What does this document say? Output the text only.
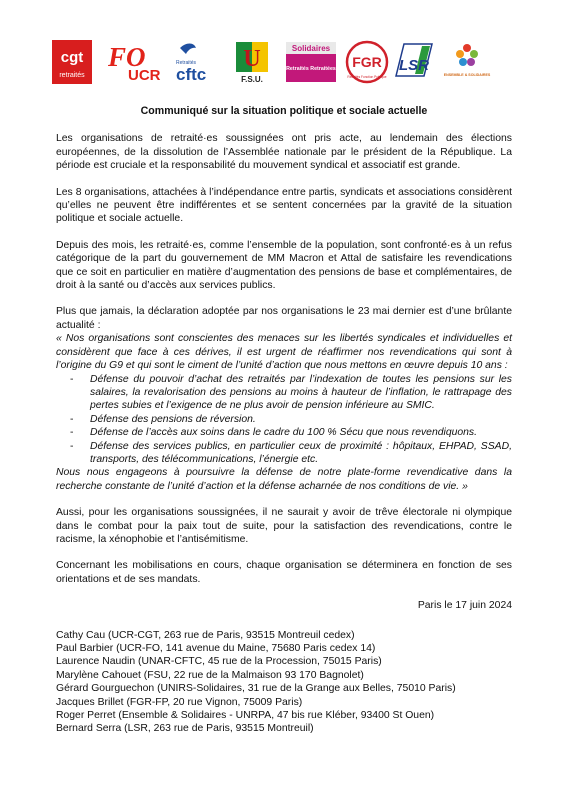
cgt
retraités
FO
UCR
Retraités
cftc
U
F.S.U.
Solidaires
Retraités Retraitées FGR
Retraités Fonction Publique
LSR
ENSEMBLE & SOLIDAIRES
Communiqué sur la situation politique et sociale actuelle

Les organisations de retraité·es soussignées ont pris acte, au lendemain des élections européennes, de la dissolution de l’Assemblée nationale par le président de la République. La période est cruciale et la responsabilité du mouvement syndical et associatif est grande.

Les 8 organisations, attachées à l’indépendance entre partis, syndicats et associations considèrent qu’elles ne peuvent être indifférentes et se sentent concernées par la gravité de la situation politique et sociale actuelle.

Depuis des mois, les retraité·es, comme l’ensemble de la population, sont confronté·es à un refus catégorique de la part du gouvernement de MM Macron et Attal de satisfaire les revendications que ce soit en particulier en matière d’augmentation des pensions de base et complémentaires, de droit à la santé ou d’accès aux services publics.

Plus que jamais, la déclaration adoptée par nos organisations le 23 mai dernier est d’une brûlante actualité :

« Nos organisations sont conscientes des menaces sur les libertés syndicales et individuelles et considèrent que face à ces dérives, il est urgent de réaffirmer nos revendications qui sont à l’origine du G9 et qui sont le ciment de l’unité d’action que nous mettons en œuvre depuis 10 ans :

- Défense du pouvoir d’achat des retraités par l’indexation de toutes les pensions sur les salaires, la revalorisation des pensions au moins à hauteur de l’inflation, le rattrapage des pertes subies et l’exigence de ne plus avoir de pension inférieure au SMIC.
- Défense des pensions de réversion.
- Défense de l’accès aux soins dans le cadre du 100 % Sécu que nous revendiquons.
- Défense des services publics, en particulier ceux de proximité : hôpitaux, EHPAD, SSAD, transports, des télécommunications, l’énergie etc.

Nous nous engageons à poursuivre la défense de notre plate-forme revendicative dans la recherche constante de l’unité d’action et la défense acharnée de nos conditions de vie. »

Aussi, pour les organisations soussignées, il ne saurait y avoir de trêve électorale ni olympique dans le combat pour la paix tout de suite, pour la satisfaction des revendications, contre le racisme, la xénophobie et l’antisémitisme.

Concernant les mobilisations en cours, chaque organisation se déterminera en fonction de ses orientations et de ses mandats.

Paris le 17 juin 2024

Cathy Cau (UCR-CGT, 263 rue de Paris, 93515 Montreuil cedex)
Paul Barbier (UCR-FO, 141 avenue du Maine, 75680 Paris cedex 14)
Laurence Naudin (UNAR-CFTC, 45 rue de la Procession, 75015 Paris)
Marylène Cahouet (FSU, 22 rue de la Malmaison 93 170 Bagnolet)
Gérard Gourguechon (UNIRS-Solidaires, 31 rue de la Grange aux Belles, 75010 Paris)
Jacques Brillet (FGR-FP, 20 rue Vignon, 75009 Paris)
Roger Perret (Ensemble & Solidaires - UNRPA, 47 bis rue Kléber, 93400 St Ouen)
Bernard Serra (LSR, 263 rue de Paris, 93515 Montreuil)
